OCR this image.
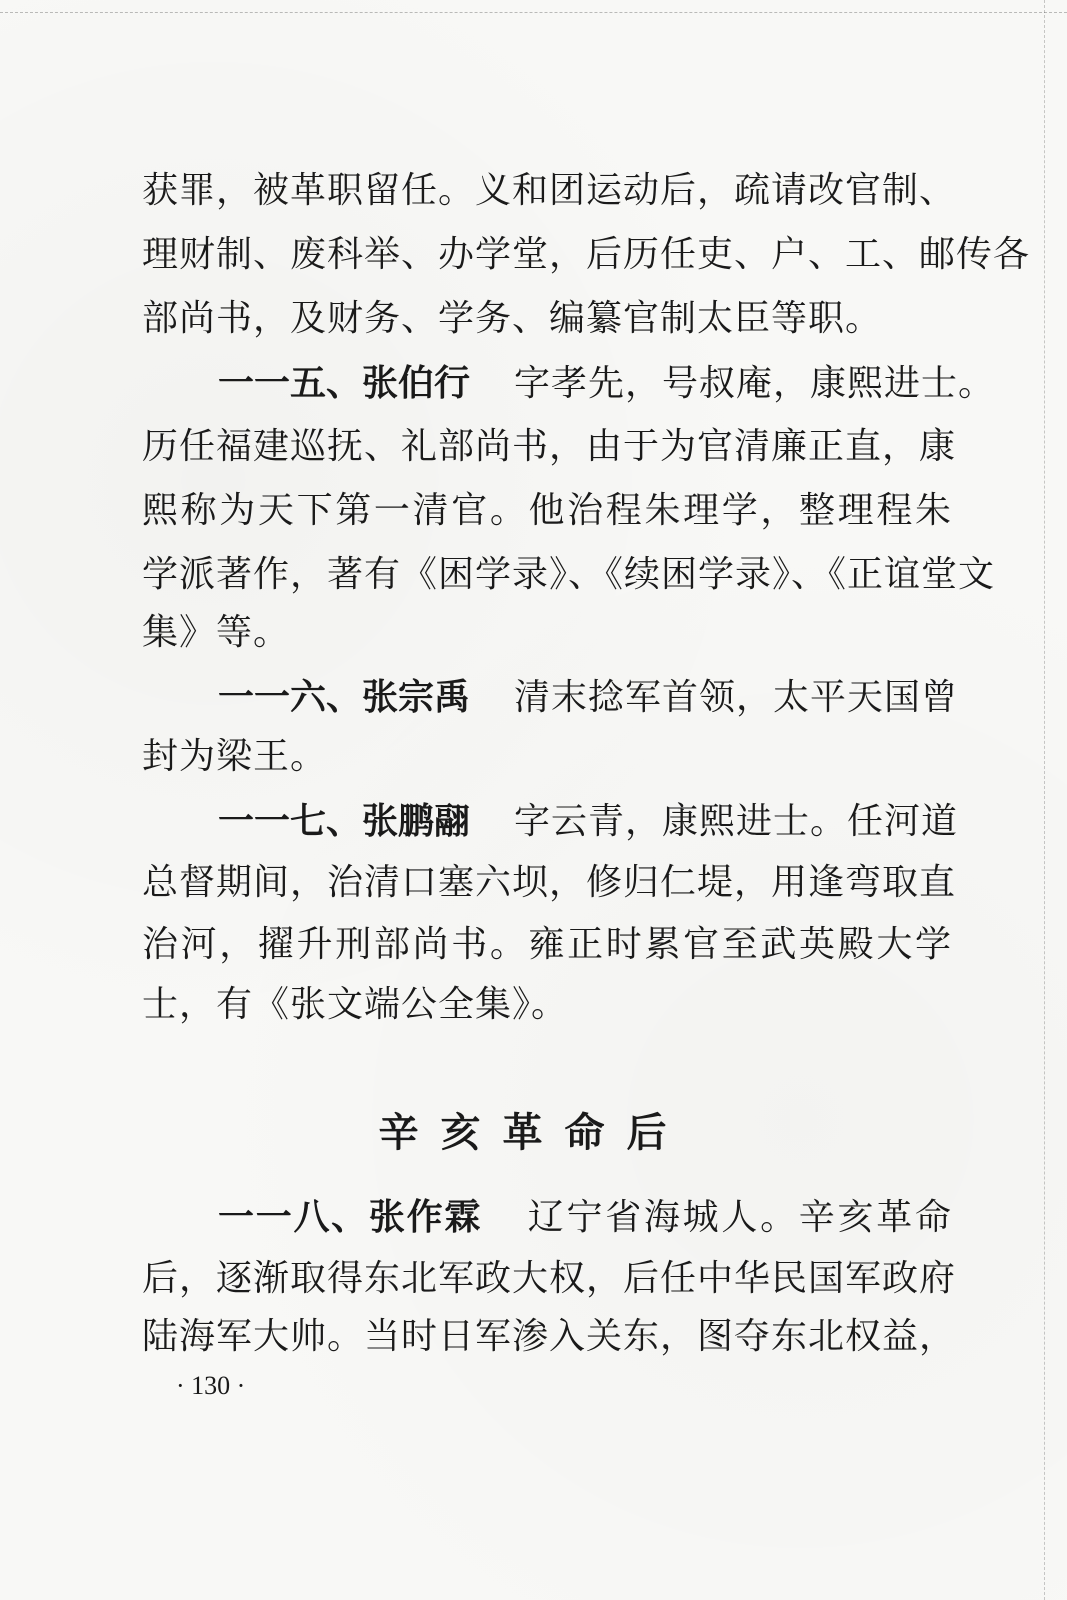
获罪，被革职留任。义和团运动后，疏请改官制、
理财制、废科举、办学堂，后历任吏、户、工、邮传各
部尚书，及财务、学务、编纂官制太臣等职。
一一五、张伯行 字孝先，号叔庵，康熙进士。
历任福建巡抚、礼部尚书，由于为官清廉正直，康
熙称为天下第一清官。他治程朱理学，整理程朱
学派著作，著有《困学录》、《续困学录》、《正谊堂文
集》等。
一一六、张宗禹 清末捻军首领，太平天国曾
封为梁王。
一一七、张鹏翮 字云青，康熙进士。任河道
总督期间，治清口塞六坝，修归仁堤，用逢弯取直
治河，擢升刑部尚书。雍正时累官至武英殿大学
士，有《张文端公全集》。
辛亥革命后
一一八、张作霖 辽宁省海城人。辛亥革命
后，逐渐取得东北军政大权，后任中华民国军政府
陆海军大帅。当时日军渗入关东，图夺东北权益，
· 130 ·
